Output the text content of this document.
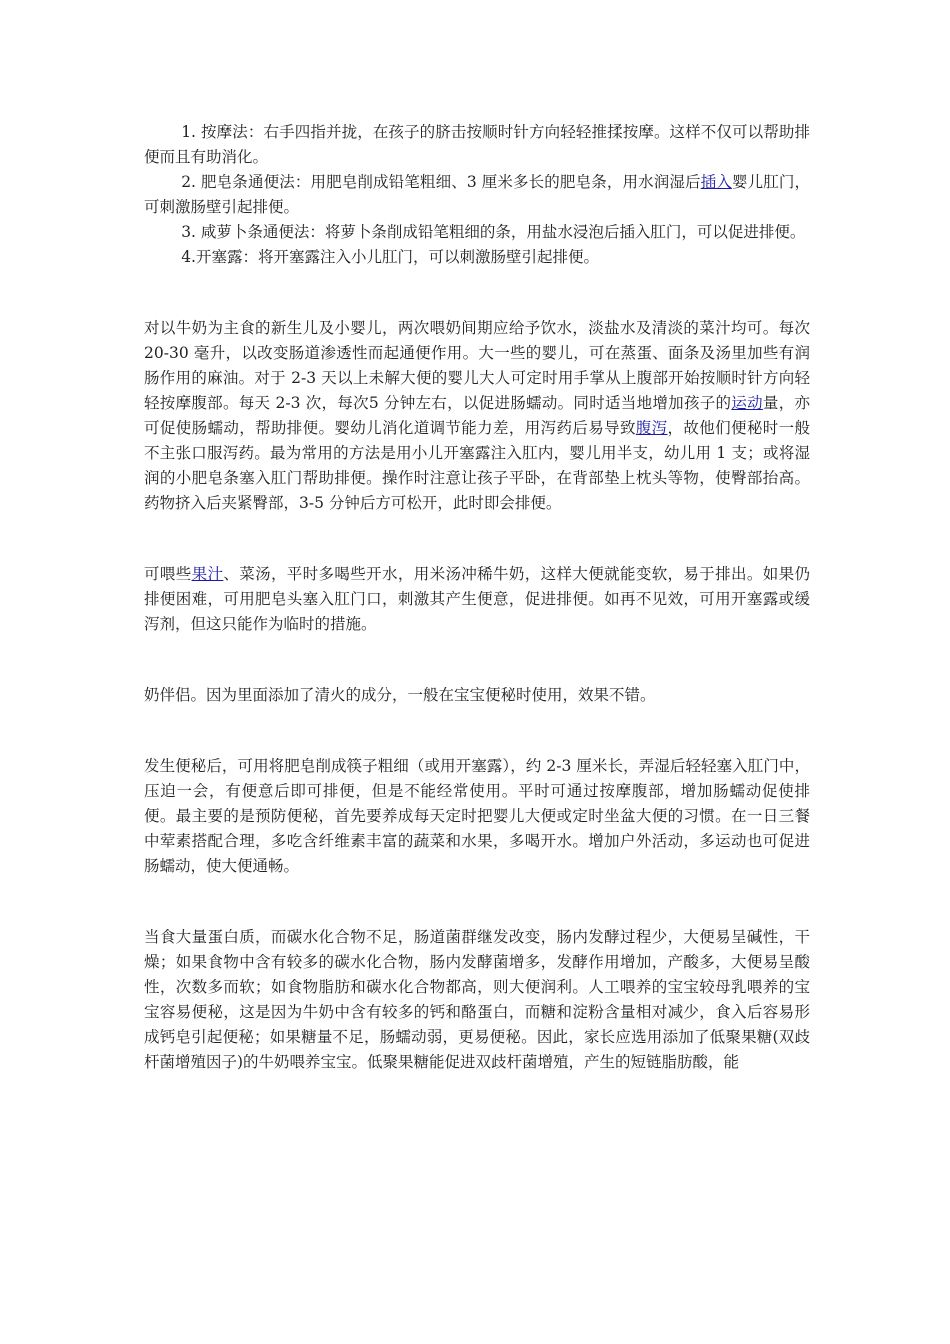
1. 按摩法：右手四指并拢，在孩子的脐击按顺时针方向轻轻推揉按摩。这样不仅可以帮助排便而且有助消化。

2. 肥皂条通便法：用肥皂削成铅笔粗细、3 厘米多长的肥皂条，用水润湿后插入婴儿肛门，可刺激肠壁引起排便。

3. 咸萝卜条通便法：将萝卜条削成铅笔粗细的条，用盐水浸泡后插入肛门，可以促进排便。

4.开塞露：将开塞露注入小儿肛门，可以刺激肠壁引起排便。

对以牛奶为主食的新生儿及小婴儿，两次喂奶间期应给予饮水，淡盐水及清淡的菜汁均可。每次 20-30 毫升，以改变肠道渗透性而起通便作用。大一些的婴儿，可在蒸蛋、面条及汤里加些有润肠作用的麻油。对于 2-3 天以上未解大便的婴儿大人可定时用手掌从上腹部开始按顺时针方向轻轻按摩腹部。每天 2-3 次，每次5 分钟左右，以促进肠蠕动。同时适当地增加孩子的运动量，亦可促使肠蠕动，帮助排便。婴幼儿消化道调节能力差，用泻药后易导致腹泻，故他们便秘时一般不主张口服泻药。最为常用的方法是用小儿开塞露注入肛内，婴儿用半支，幼儿用 1 支；或将湿润的小肥皂条塞入肛门帮助排便。操作时注意让孩子平卧，在背部垫上枕头等物，使臀部抬高。药物挤入后夹紧臀部，3-5 分钟后方可松开，此时即会排便。

可喂些果汁、菜汤，平时多喝些开水，用米汤冲稀牛奶，这样大便就能变软，易于排出。如果仍排便困难，可用肥皂头塞入肛门口，刺激其产生便意，促进排便。如再不见效，可用开塞露或缓泻剂，但这只能作为临时的措施。

奶伴侣。因为里面添加了清火的成分，一般在宝宝便秘时使用，效果不错。

发生便秘后，可用将肥皂削成筷子粗细（或用开塞露），约 2-3 厘米长，弄湿后轻轻塞入肛门中，压迫一会，有便意后即可排便，但是不能经常使用。平时可通过按摩腹部，增加肠蠕动促使排便。最主要的是预防便秘，首先要养成每天定时把婴儿大便或定时坐盆大便的习惯。在一日三餐中荤素搭配合理，多吃含纤维素丰富的蔬菜和水果，多喝开水。增加户外活动，多运动也可促进肠蠕动，使大便通畅。

当食大量蛋白质，而碳水化合物不足，肠道菌群继发改变，肠内发酵过程少，大便易呈碱性，干燥；如果食物中含有较多的碳水化合物，肠内发酵菌增多，发酵作用增加，产酸多，大便易呈酸性，次数多而软；如食物脂肪和碳水化合物都高，则大便润利。人工喂养的宝宝较母乳喂养的宝宝容易便秘，这是因为牛奶中含有较多的钙和酪蛋白，而糖和淀粉含量相对减少，食入后容易形成钙皂引起便秘；如果糖量不足，肠蠕动弱，更易便秘。因此，家长应选用添加了低聚果糖(双歧杆菌增殖因子)的牛奶喂养宝宝。低聚果糖能促进双歧杆菌增殖，产生的短链脂肪酸，能
